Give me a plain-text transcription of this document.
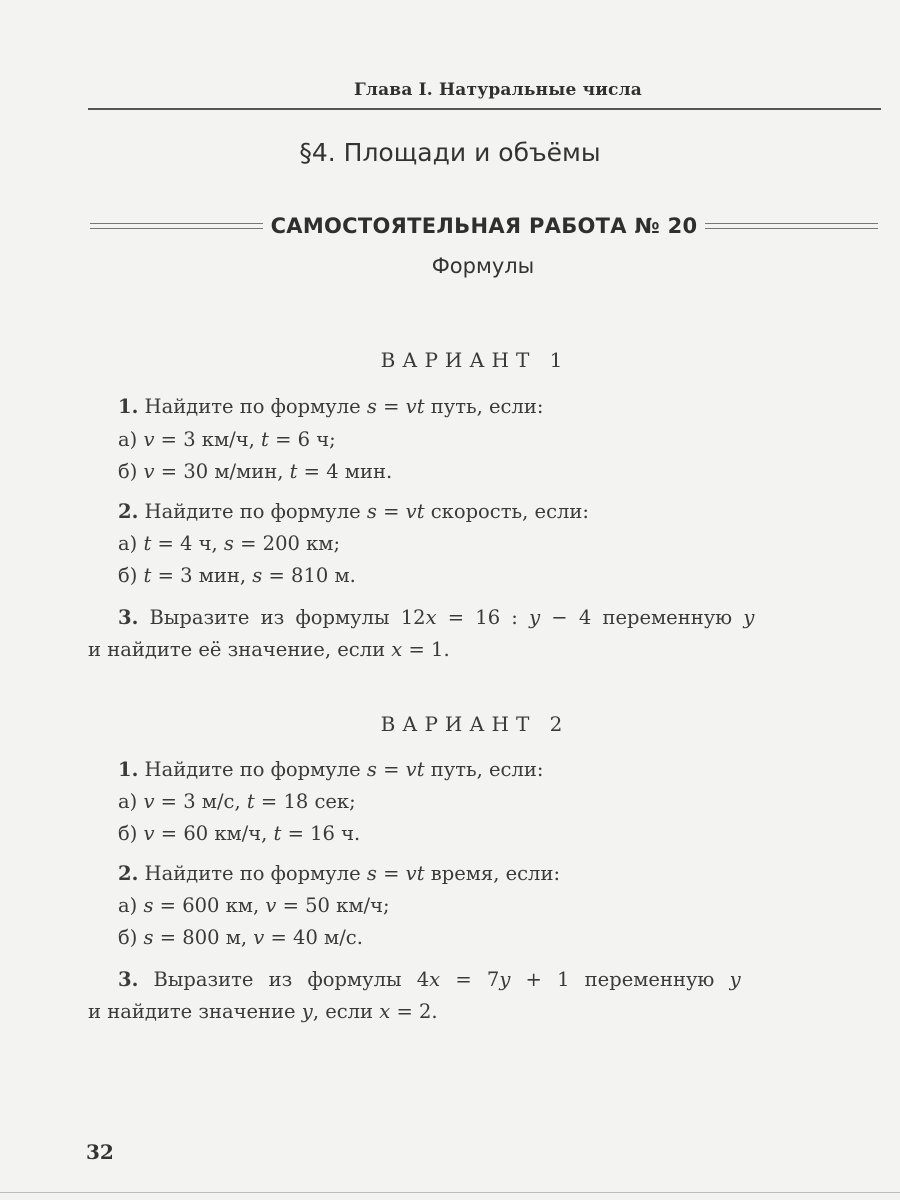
Глава I. Натуральные числа
§4. Площади и объёмы
САМОСТОЯТЕЛЬНАЯ РАБОТА № 20
Формулы
ВАРИАНТ 1
1. Найдите по формуле s = vt путь, если:
а) v = 3 км/ч, t = 6 ч;
б) v = 30 м/мин, t = 4 мин.
2. Найдите по формуле s = vt скорость, если:
а) t = 4 ч, s = 200 км;
б) t = 3 мин, s = 810 м.
3. Выразите из формулы 12x = 16 : y − 4 переменную y
и найдите её значение, если x = 1.
ВАРИАНТ 2
1. Найдите по формуле s = vt путь, если:
а) v = 3 м/с, t = 18 сек;
б) v = 60 км/ч, t = 16 ч.
2. Найдите по формуле s = vt время, если:
а) s = 600 км, v = 50 км/ч;
б) s = 800 м, v = 40 м/с.
3. Выразите из формулы 4x = 7y + 1 переменную y
и найдите значение y, если x = 2.
32
